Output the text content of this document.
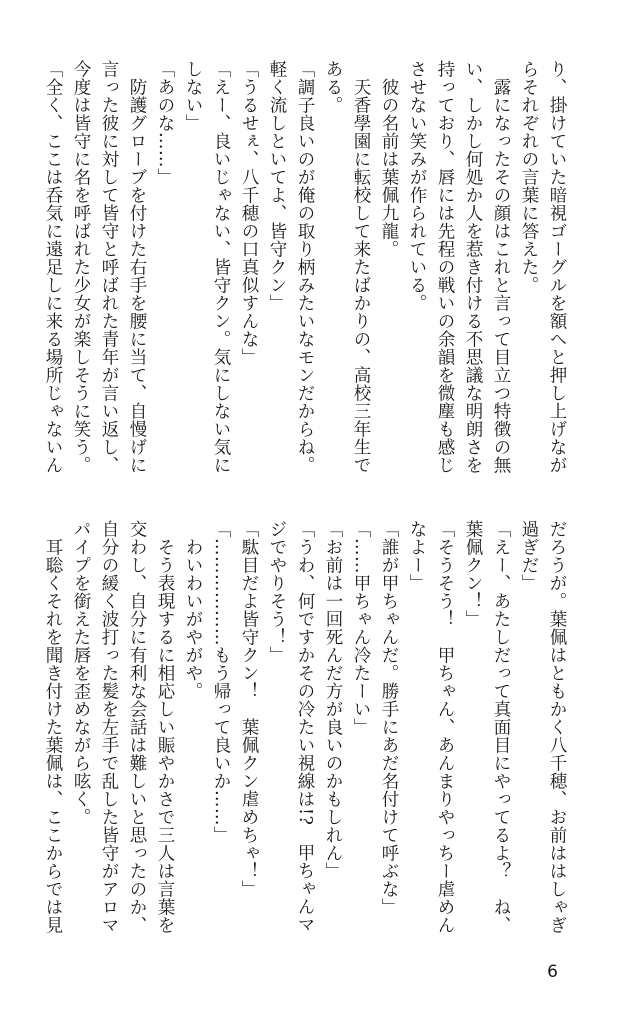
り、掛けていた暗視ゴーグルを額へと押し上げなが

らそれぞれの言葉に答えた。

　露になったその顔はこれと言って目立つ特徴の無

い、しかし何処か人を惹き付ける不思議な明朗さを

持っており、唇には先程の戦いの余韻を微塵も感じ

させない笑みが作られている。

　彼の名前は葉佩九龍。

　天香學園に転校して来たばかりの、高校三年生で

ある。

「調子良いのが俺の取り柄みたいなモンだからね。

軽く流しといてよ、皆守クン」

「うるせぇ、八千穂の口真似すんな」

「えー、良いじゃない、皆守クン。気にしない気に

しない」

「あのな……」

　防護グローブを付けた右手を腰に当て、自慢げに

言った彼に対して皆守と呼ばれた青年が言い返し、

今度は皆守に名を呼ばれた少女が楽しそうに笑う。

「全く、ここは呑気に遠足しに来る場所じゃないん

だろうが。葉佩はともかく八千穂、お前ははしゃぎ

過ぎだ」

「えー、あたしだって真面目にやってるよ？　ね、

葉佩クン！」

「そうそう！　甲ちゃん、あんまりやっちー虐めん

なよー」

「誰が甲ちゃんだ。勝手にあだ名付けて呼ぶな」

「……甲ちゃん冷たーい」

「お前は一回死んだ方が良いのかもしれん」

「うわ、何ですかその冷たい視線は!?　甲ちゃんマ

ジでやりそう！」

「駄目だよ皆守クン！　葉佩クン虐めちゃ！」

「………………もう帰って良いか……」

　わいわいがやがや。

　そう表現するに相応しい賑やかさで三人は言葉を

交わし、自分に有利な会話は難しいと思ったのか、

自分の緩く波打った髪を左手で乱した皆守がアロマ

パイプを銜えた唇を歪めながら呟く。

　耳聡くそれを聞き付けた葉佩は、ここからでは見

6
